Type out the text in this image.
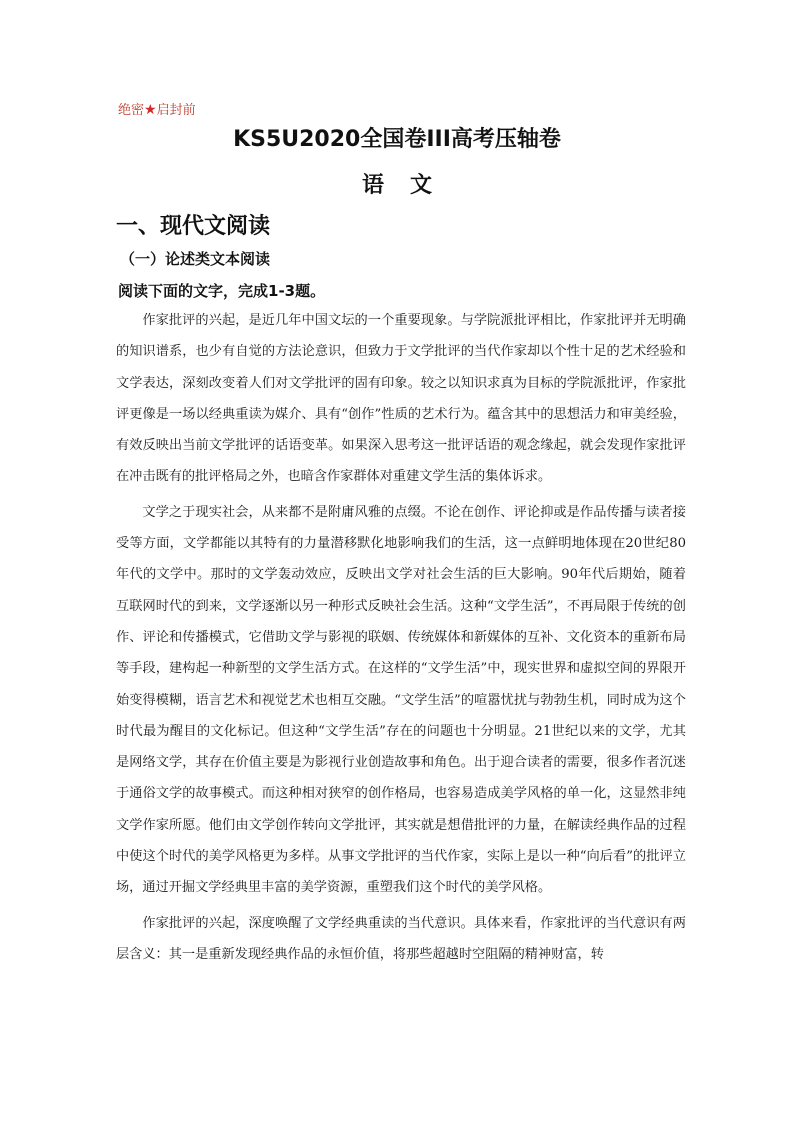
绝密★启封前
KS5U2020全国卷III高考压轴卷
语文
一、现代文阅读
（一）论述类文本阅读
阅读下面的文字，完成1-3题。

作家批评的兴起，是近几年中国文坛的一个重要现象。与学院派批评相比，作家批评并无明确的知识谱系，也少有自觉的方法论意识，但致力于文学批评的当代作家却以个性十足的艺术经验和文学表达，深刻改变着人们对文学批评的固有印象。较之以知识求真为目标的学院派批评，作家批评更像是一场以经典重读为媒介、具有“创作”性质的艺术行为。蕴含其中的思想活力和审美经验，有效反映出当前文学批评的话语变革。如果深入思考这一批评话语的观念缘起，就会发现作家批评在冲击既有的批评格局之外，也暗含作家群体对重建文学生活的集体诉求。

文学之于现实社会，从来都不是附庸风雅的点缀。不论在创作、评论抑或是作品传播与读者接受等方面，文学都能以其特有的力量潜移默化地影响我们的生活，这一点鲜明地体现在20世纪80年代的文学中。那时的文学轰动效应，反映出文学对社会生活的巨大影响。90年代后期始，随着互联网时代的到来，文学逐渐以另一种形式反映社会生活。这种“文学生活”，不再局限于传统的创作、评论和传播模式，它借助文学与影视的联姻、传统媒体和新媒体的互补、文化资本的重新布局等手段，建构起一种新型的文学生活方式。在这样的“文学生活”中，现实世界和虚拟空间的界限开始变得模糊，语言艺术和视觉艺术也相互交融。“文学生活”的喧嚣忧扰与勃勃生机，同时成为这个时代最为醒目的文化标记。但这种“文学生活”存在的问题也十分明显。21世纪以来的文学，尤其是网络文学，其存在价值主要是为影视行业创造故事和角色。出于迎合读者的需要，很多作者沉迷于通俗文学的故事模式。而这种相对狭窄的创作格局，也容易造成美学风格的单一化，这显然非纯文学作家所愿。他们由文学创作转向文学批评，其实就是想借批评的力量，在解读经典作品的过程中使这个时代的美学风格更为多样。从事文学批评的当代作家，实际上是以一种“向后看”的批评立场，通过开掘文学经典里丰富的美学资源，重塑我们这个时代的美学风格。

作家批评的兴起，深度唤醒了文学经典重读的当代意识。具体来看，作家批评的当代意识有两层含义：其一是重新发现经典作品的永恒价值，将那些超越时空阻隔的精神财富，转
